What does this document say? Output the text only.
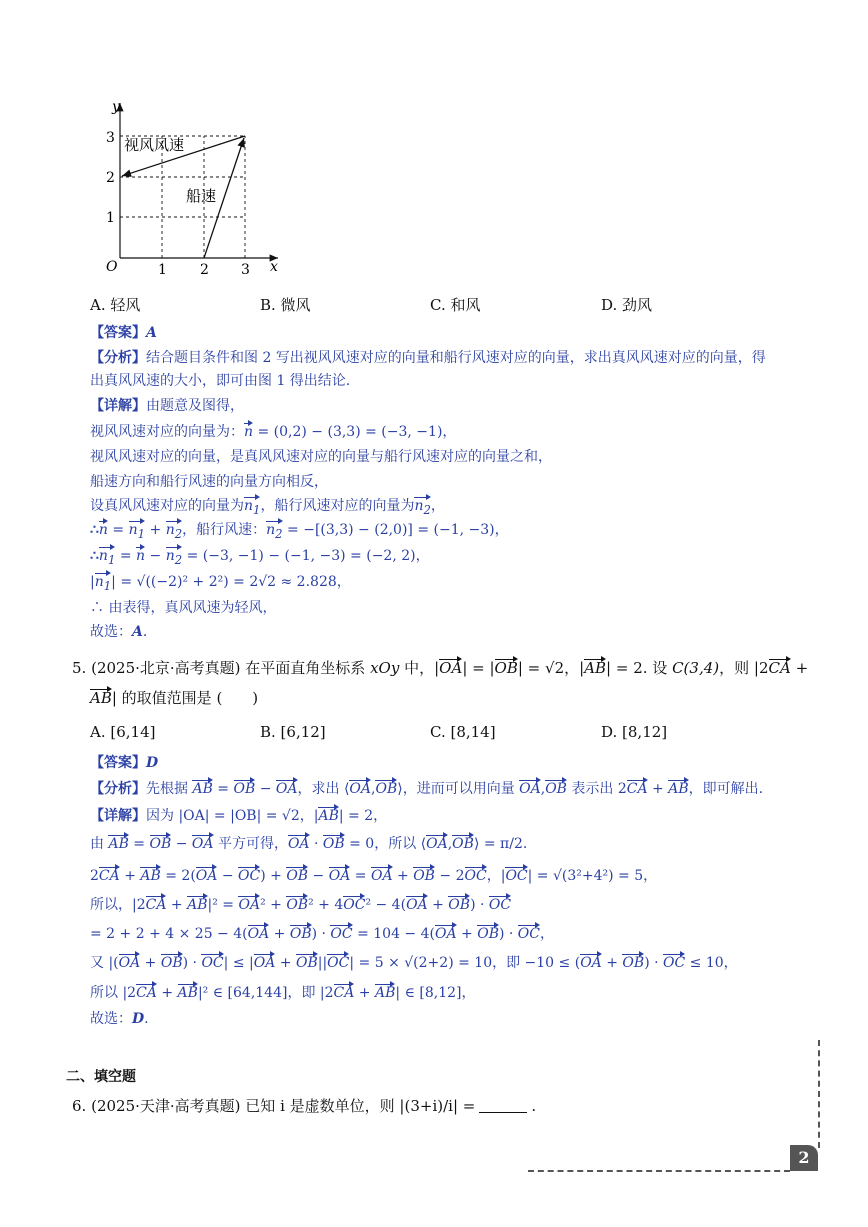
y
x
O	1 2 3
1
2
3 视风风速
船速
A. 轻风	B. 微风	C. 和风	D. 劲风
【答案】A
【分析】结合题目条件和图 2 写出视风风速对应的向量和船行风速对应的向量，求出真风风速对应的向量，得
出真风风速的大小，即可由图 1 得出结论.
【详解】由题意及图得，
视风风速对应的向量为：n = (0,2) − (3,3) = (−3, −1)，
视风风速对应的向量，是真风风速对应的向量与船行风速对应的向量之和，
船速方向和船行风速的向量方向相反，
设真风风速对应的向量为$n_1$，船行风速对应的向量为$n_2$，
∴n = $n_1 + n_2$，船行风速：$n_2 = -[(3,3) - (2,0)] = (-1$, −3)，
$\therefore n_1 = n - n_2 = (-3$, −1) − (−1, −3) = (−2, 2)，
$|n_1| = √((-2)^2 + 2^2) = 2√2 \approx 2.828$，
∴ 由表得，真风风速为轻风，
故选：A.
5. (2025·北京·高考真题) 在平面直角坐标系 xOy 中，|OA| = |OB| = √2，|AB| = 2. 设 C(3,4)，则 |2CA +
AB| 的取值范围是 (　　)
A. [6,14]	B. [6,12]	C. [8,14]	D. [8,12]
【答案】D
【分析】先根据 AB = OB − OA，求出 ⟨OA,OB⟩，进而可以用向量 OA,OB 表示出 2CA + AB，即可解出.
【详解】因为 |OA| = |OB| = √2，|AB| = 2，
由 AB = OB − OA 平方可得，OA · OB = 0，所以 ⟨OA,OB⟩ = π/2.
2CA + AB = 2(OA − OC) + OB − OA = OA + OB − 2OC，|OC| = √(3²+4²) = 5，
所以，|2CA + AB|² = OA² + OB² + 4OC² − 4(OA + OB) · OC
= 2 + 2 + 4 × 25 − 4(OA + OB) · OC = 104 − 4(OA + OB) · OC，
又 |(OA + OB) · OC| ≤ |OA + OB||OC| = 5 × √(2+2) = 10，即 −10 ≤ (OA + OB) · OC ≤ 10，
所以 |2CA + AB|² ∈ [64,144]，即 |2CA + AB| ∈ [8,12]，
故选：D.
二、填空题
6. (2025·天津·高考真题) 已知 i 是虚数单位，则 |(3+i)/i| =	.
2
